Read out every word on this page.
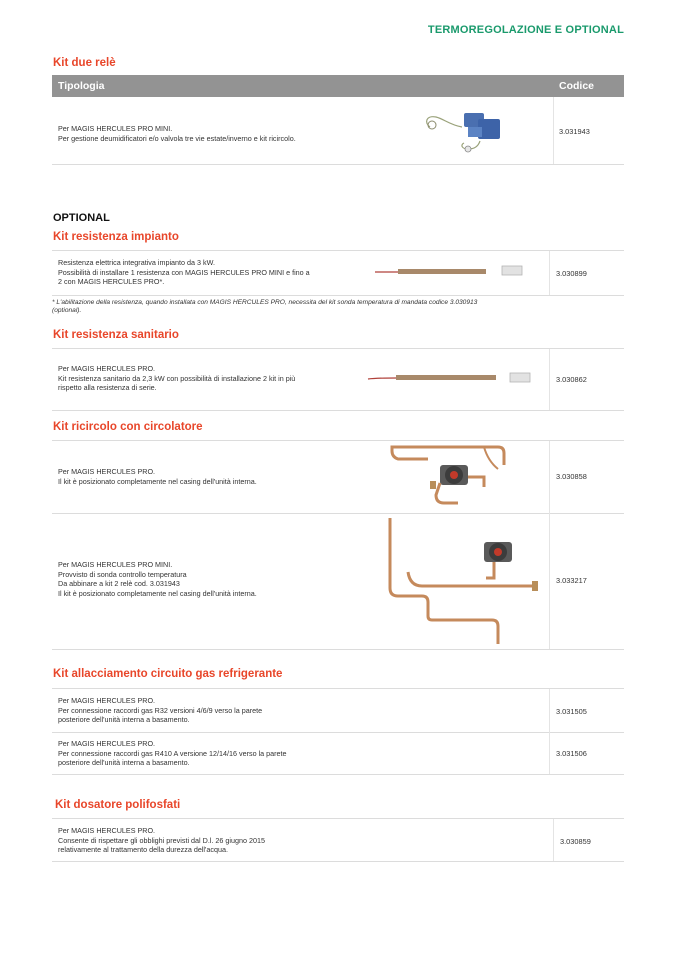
TERMOREGOLAZIONE E OPTIONAL
Kit due relè
Tipologia	Codice
Per MAGIS HERCULES PRO MINI.
Per gestione deumidificatori e/o valvola tre vie estate/inverno e kit ricircolo.
3.031943
OPTIONAL
Kit resistenza impianto
Resistenza elettrica integrativa impianto da 3 kW.
Possibilità di installare 1 resistenza con MAGIS HERCULES PRO MINI e fino a
2 con MAGIS HERCULES PRO*.
3.030899
* L'abilitazione della resistenza, quando installata con MAGIS HERCULES PRO, necessita del kit sonda temperatura di mandata codice 3.030913
(optional).
Kit resistenza sanitario
Per MAGIS HERCULES PRO.
Kit resistenza sanitario da 2,3 kW con possibilità di installazione 2 kit in più
rispetto alla resistenza di serie.
3.030862
Kit ricircolo con circolatore
Per MAGIS HERCULES PRO.
Il kit è posizionato completamente nel casing dell'unità interna.
3.030858
Per MAGIS HERCULES PRO MINI.
Provvisto di sonda controllo temperatura
Da abbinare a kit 2 relè cod. 3.031943
Il kit è posizionato completamente nel casing dell'unità interna.
3.033217
Kit allacciamento circuito gas refrigerante
Per MAGIS HERCULES PRO.
Per connessione raccordi gas R32 versioni 4/6/9 verso la parete
posteriore dell'unità interna a basamento.
3.031505
Per MAGIS HERCULES PRO.
Per connessione raccordi gas R410 A versione 12/14/16 verso la parete
posteriore dell'unità interna a basamento.
3.031506
Kit dosatore polifosfati
Per MAGIS HERCULES PRO.
Consente di rispettare gli obblighi previsti dal D.l. 26 giugno 2015
relativamente al trattamento della durezza dell'acqua.
3.030859
